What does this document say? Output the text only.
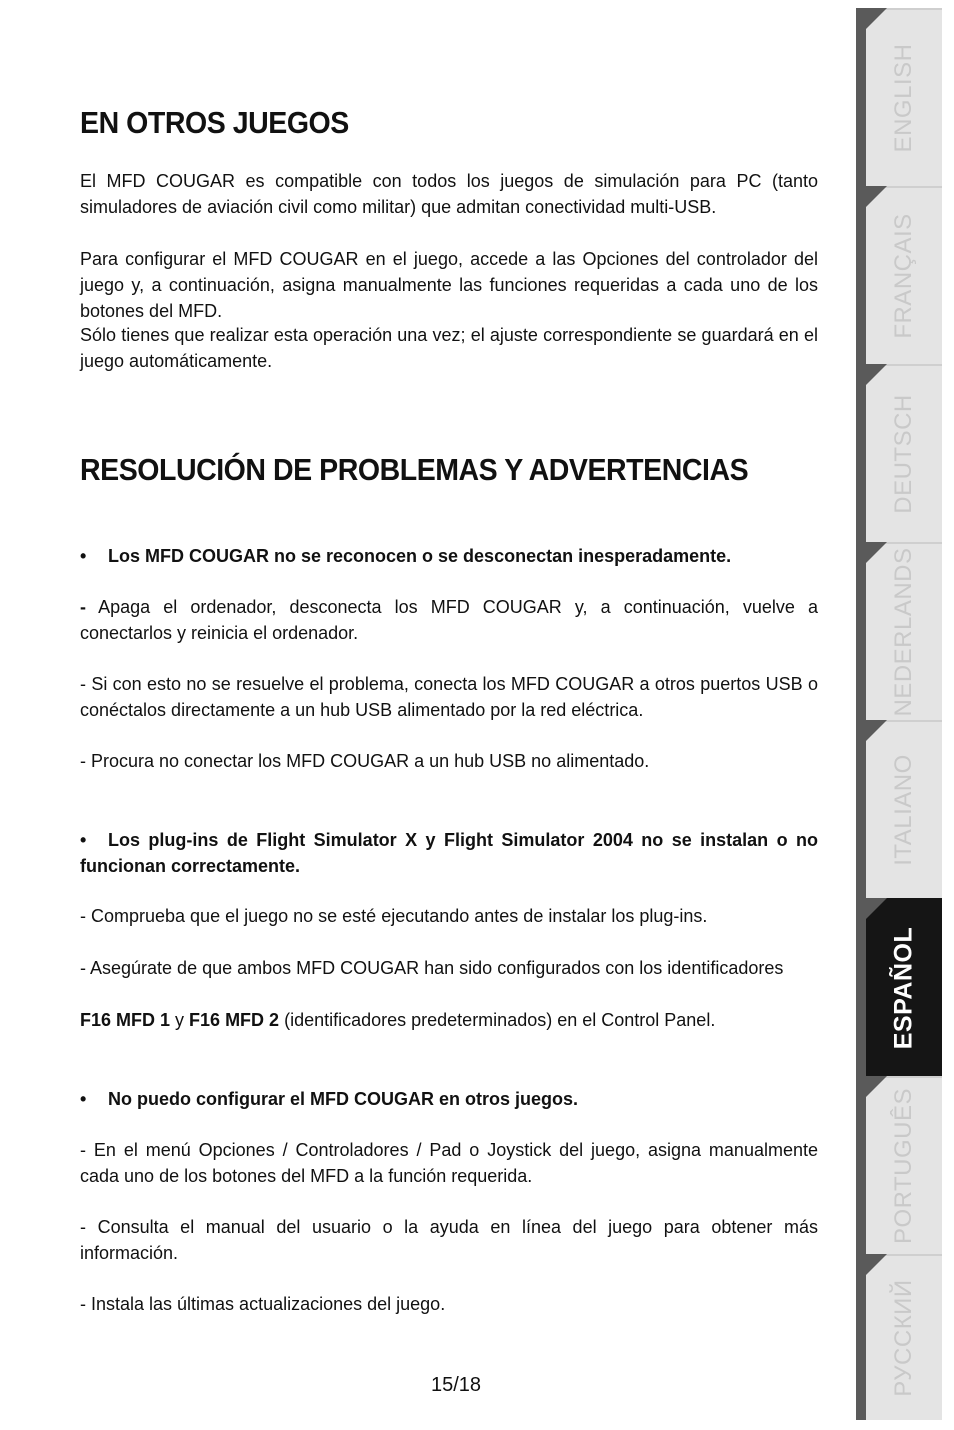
EN OTROS JUEGOS

El MFD COUGAR es compatible con todos los juegos de simulación para PC (tanto simuladores de aviación civil como militar) que admitan conectividad multi-USB.

Para configurar el MFD COUGAR en el juego, accede a las Opciones del controlador del juego y, a continuación, asigna manualmente las funciones requeridas a cada uno de los botones del MFD.

Sólo tienes que realizar esta operación una vez; el ajuste correspondiente se guardará en el juego automáticamente.

RESOLUCIÓN DE PROBLEMAS Y ADVERTENCIAS

• Los MFD COUGAR no se reconocen o se desconectan inesperadamente.

- Apaga el ordenador, desconecta los MFD COUGAR y, a continuación, vuelve a conectarlos y reinicia el ordenador.

- Si con esto no se resuelve el problema, conecta los MFD COUGAR a otros puertos USB o conéctalos directamente a un hub USB alimentado por la red eléctrica.

- Procura no conectar los MFD COUGAR a un hub USB no alimentado.

• Los plug-ins de Flight Simulator X y Flight Simulator 2004 no se instalan o no funcionan correctamente.

- Comprueba que el juego no se esté ejecutando antes de instalar los plug-ins.

- Asegúrate de que ambos MFD COUGAR han sido configurados con los identificadores

F16 MFD 1 y F16 MFD 2 (identificadores predeterminados) en el Control Panel.

• No puedo configurar el MFD COUGAR en otros juegos.

- En el menú Opciones / Controladores / Pad o Joystick del juego, asigna manualmente cada uno de los botones del MFD a la función requerida.

- Consulta el manual del usuario o la ayuda en línea del juego para obtener más información.

- Instala las últimas actualizaciones del juego.

15/18
ENGLISH
FRANÇAIS
DEUTSCH
NEDERLANDS
ITALIANO
ESPAÑOL
PORTUGUÊS
РУССКИЙ
